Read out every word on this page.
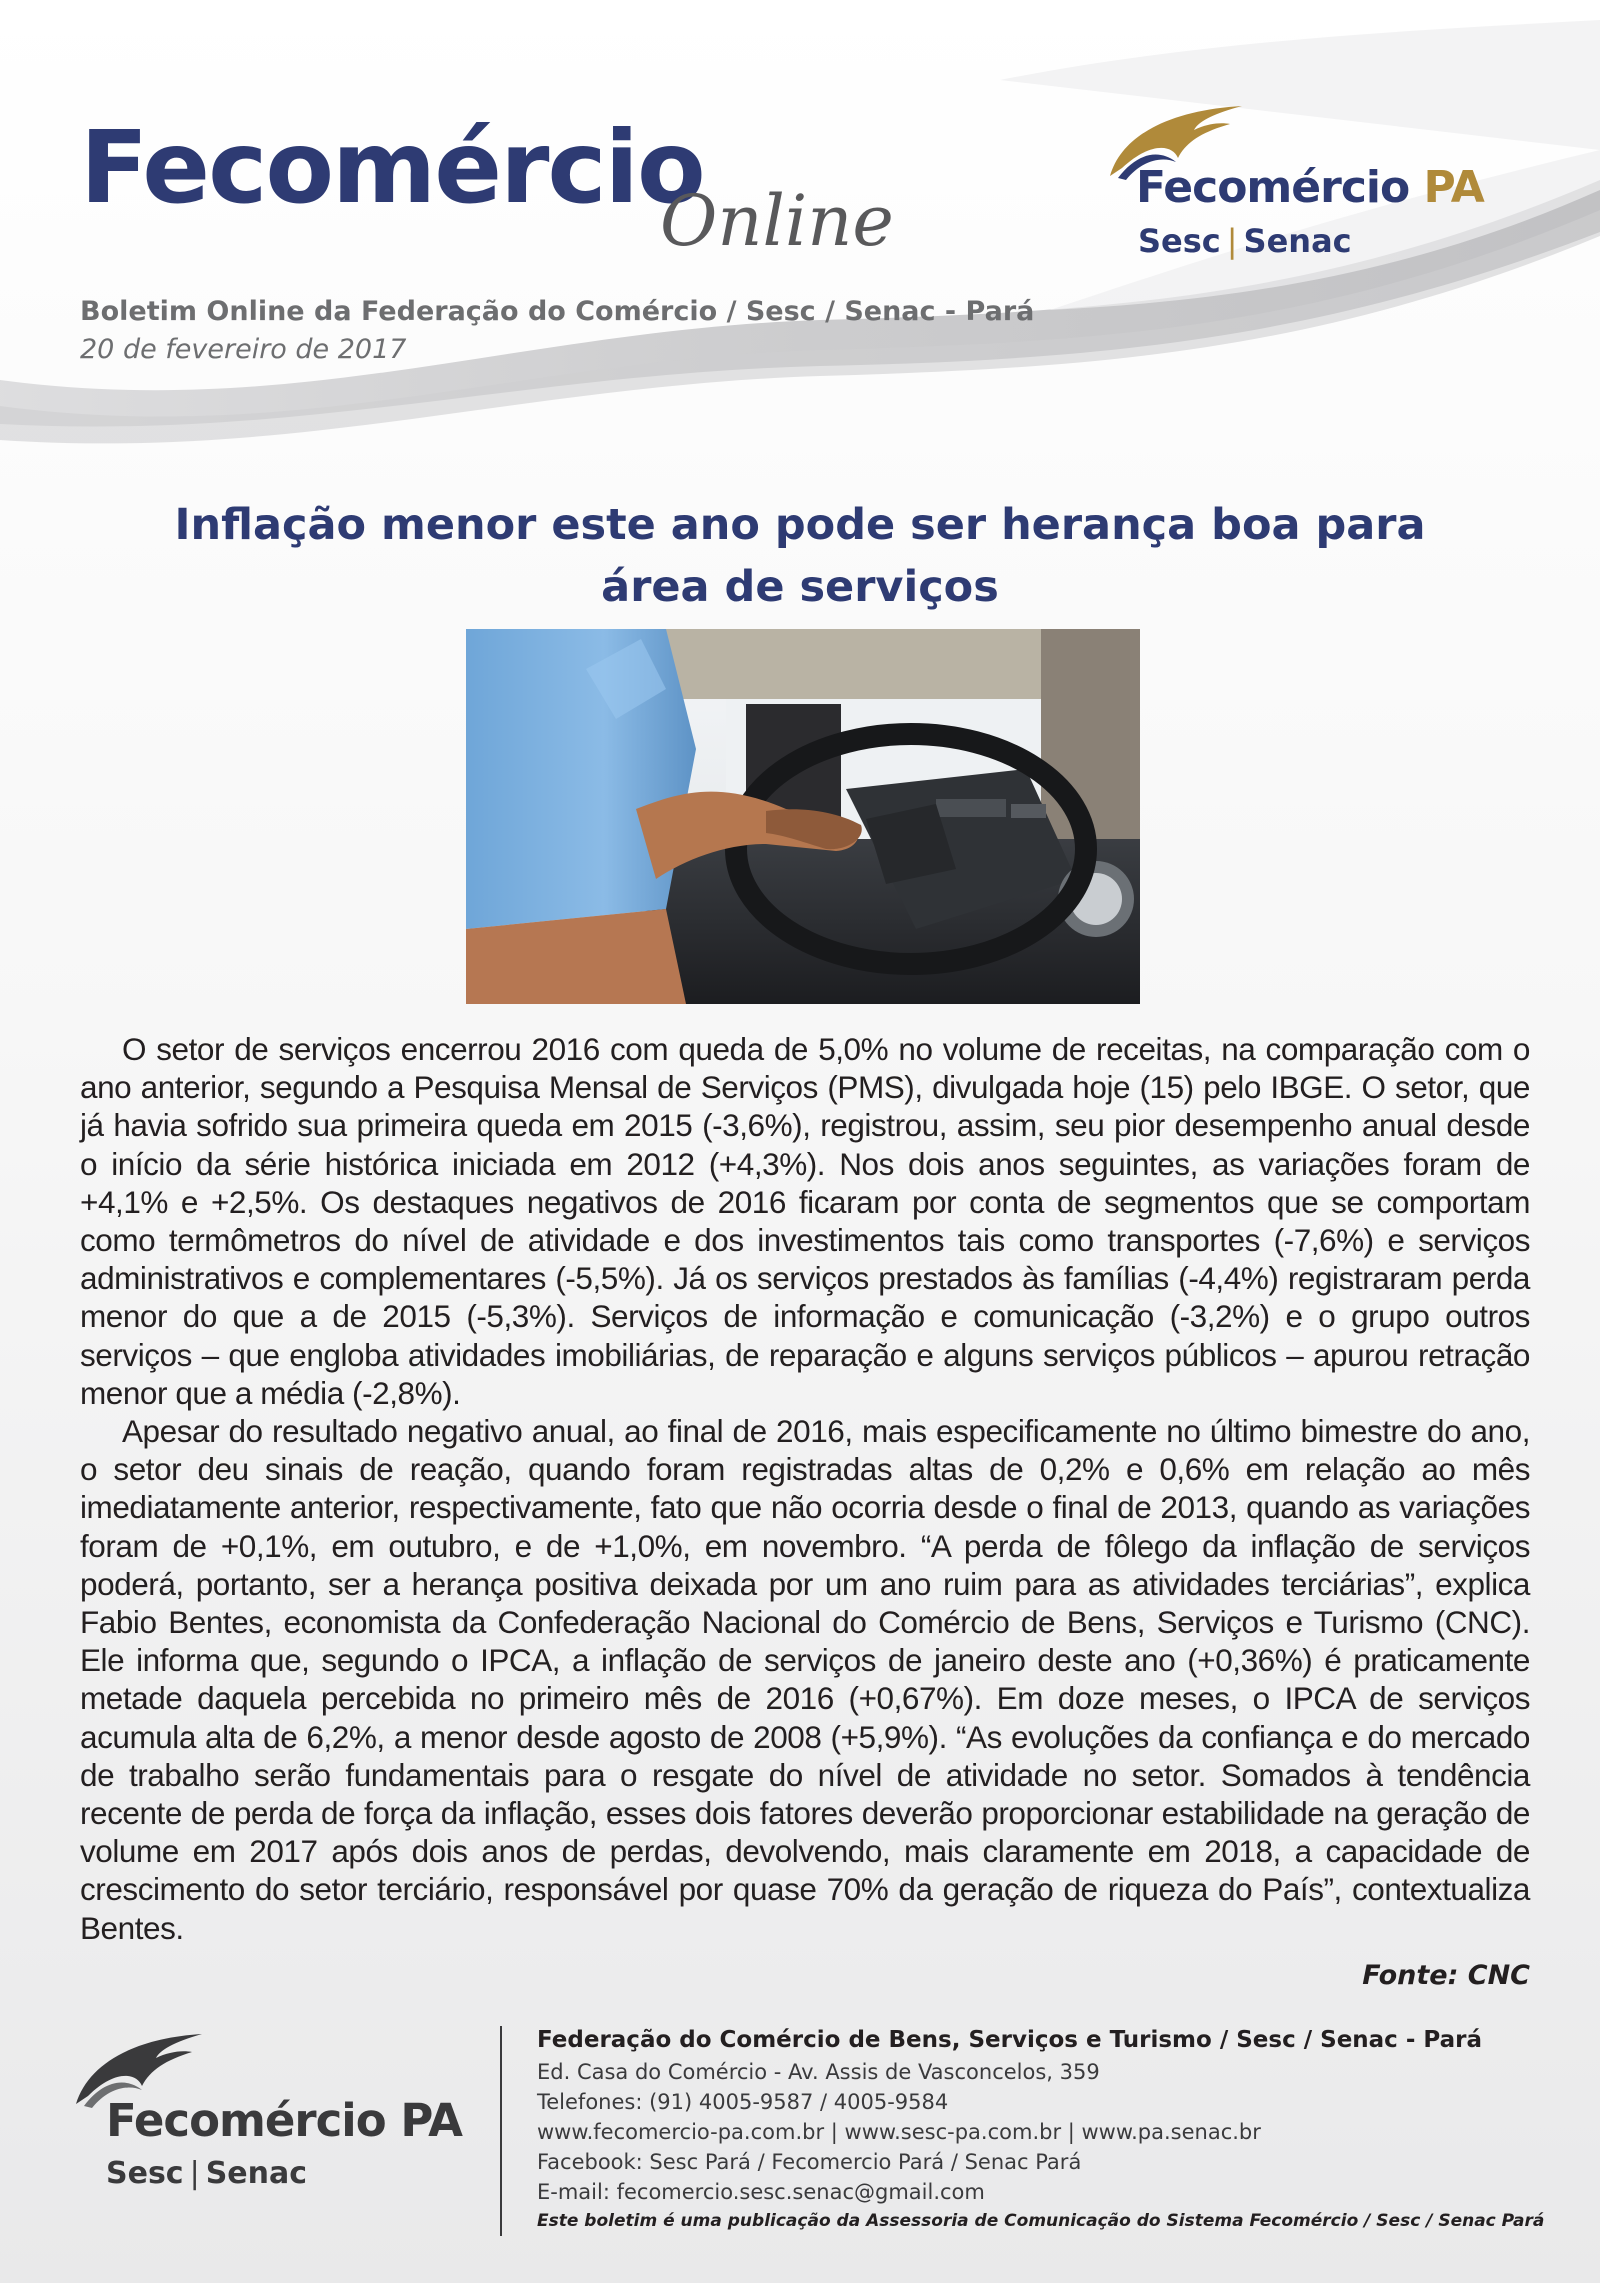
Fecomércio
Online
Boletim Online da Federação do Comércio / Sesc / Senac - Pará
20 de fevereiro de 2017
Fecomércio PA
Sesc | Senac
Inflação menor este ano pode ser herança boa para área de serviços

O setor de serviços encerrou 2016 com queda de 5,0% no volume de receitas, na comparação com o ano anterior, segundo a Pesquisa Mensal de Serviços (PMS), divulgada hoje (15) pelo IBGE. O setor, que já havia sofrido sua primeira queda em 2015 (-3,6%), registrou, assim, seu pior desempenho anual desde o início da série histórica iniciada em 2012 (+4,3%). Nos dois anos seguintes, as variações foram de +4,1% e +2,5%. Os destaques negativos de 2016 ficaram por conta de segmentos que se comportam como termômetros do nível de atividade e dos investimentos tais como transportes (-7,6%) e serviços administrativos e complementares (-5,5%). Já os serviços prestados às famílias (-4,4%) registraram perda menor do que a de 2015 (-5,3%). Serviços de informação e comunicação (-3,2%) e o grupo outros serviços – que engloba atividades imobiliárias, de reparação e alguns serviços públicos – apurou retração menor que a média (-2,8%).

Apesar do resultado negativo anual, ao final de 2016, mais especificamente no último bimestre do ano, o setor deu sinais de reação, quando foram registradas altas de 0,2% e 0,6% em relação ao mês imediatamente anterior, respectivamente, fato que não ocorria desde o final de 2013, quando as variações foram de +0,1%, em outubro, e de +1,0%, em novembro. “A perda de fôlego da inflação de serviços poderá, portanto, ser a herança positiva deixada por um ano ruim para as atividades terciárias”, explica Fabio Bentes, economista da Confederação Nacional do Comércio de Bens, Serviços e Turismo (CNC). Ele informa que, segundo o IPCA, a inflação de serviços de janeiro deste ano (+0,36%) é praticamente metade daquela percebida no primeiro mês de 2016 (+0,67%). Em doze meses, o IPCA de serviços acumula alta de 6,2%, a menor desde agosto de 2008 (+5,9%). “As evoluções da confiança e do mercado de trabalho serão fundamentais para o resgate do nível de atividade no setor. Somados à tendência recente de perda de força da inflação, esses dois fatores deverão proporcionar estabilidade na geração de volume em 2017 após dois anos de perdas, devolvendo, mais claramente em 2018, a capacidade de crescimento do setor terciário, responsável por quase 70% da geração de riqueza do País”, contextualiza Bentes.

Fonte: CNC
Fecomércio PA
Sesc | Senac
Federação do Comércio de Bens, Serviços e Turismo / Sesc / Senac - Pará
Ed. Casa do Comércio - Av. Assis de Vasconcelos, 359
Telefones: (91) 4005-9587 / 4005-9584
www.fecomercio-pa.com.br | www.sesc-pa.com.br | www.pa.senac.br
Facebook: Sesc Pará / Fecomercio Pará / Senac Pará
E-mail: fecomercio.sesc.senac@gmail.com
Este boletim é uma publicação da Assessoria de Comunicação do Sistema Fecomércio / Sesc / Senac Pará
